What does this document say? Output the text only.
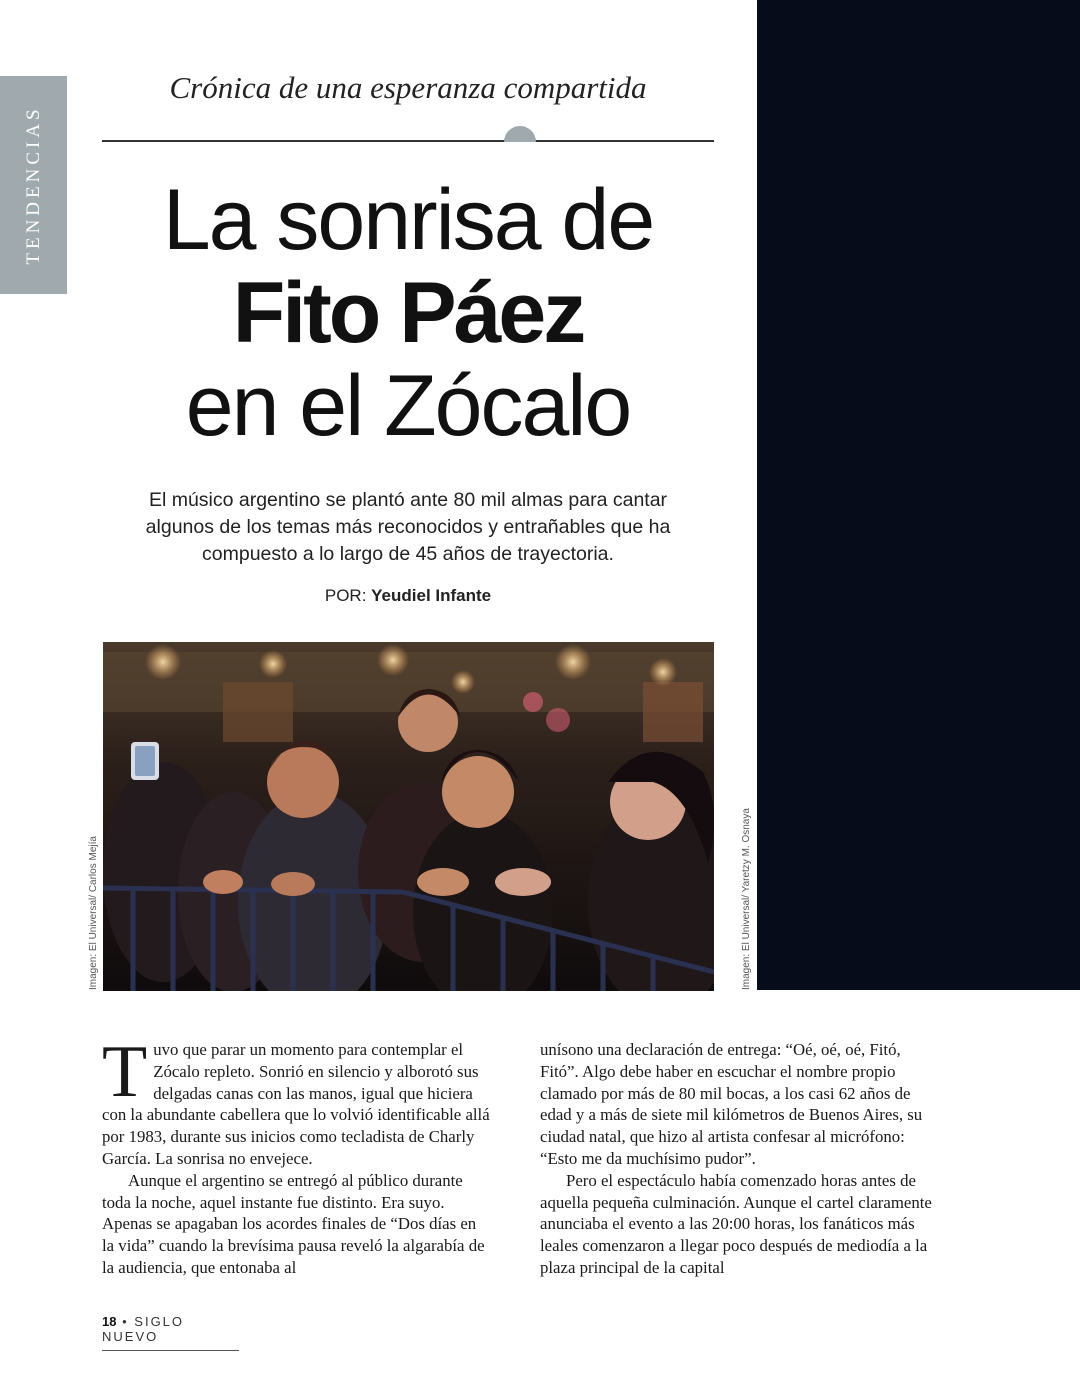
TENDENCIAS
Crónica de una esperanza compartida
La sonrisa de
Fito Páez
en el Zócalo
El músico argentino se plantó ante 80 mil almas para cantar algunos de los temas más reconocidos y entrañables que ha compuesto a lo largo de 45 años de trayectoria.
POR: Yeudiel Infante
Imagen: El Universal/ Carlos Mejía	Imagen: El Universal/ Yaretzy M. Osnaya

Tuvo que parar un momento para contemplar el Zócalo repleto. Sonrió en silencio y alborotó sus delgadas canas con las manos, igual que hiciera con la abundante cabellera que lo volvió identificable allá por 1983, durante sus inicios como tecladista de Charly García. La sonrisa no envejece.

Aunque el argentino se entregó al público durante toda la noche, aquel instante fue distinto. Era suyo. Apenas se apagaban los acordes finales de “Dos días en la vida” cuando la brevísima pausa reveló la algarabía de la audiencia, que entonaba al

unísono una declaración de entrega: “Oé, oé, oé, Fitó, Fitó”. Algo debe haber en escuchar el nombre propio clamado por más de 80 mil bocas, a los casi 62 años de edad y a más de siete mil kilómetros de Buenos Aires, su ciudad natal, que hizo al artista confesar al micrófono: “Esto me da muchísimo pudor”.

Pero el espectáculo había comenzado horas antes de aquella pequeña culminación. Aunque el cartel claramente anunciaba el evento a las 20:00 horas, los fanáticos más leales comenzaron a llegar poco después de mediodía a la plaza principal de la capital

18 • SIGLO NUEVO
